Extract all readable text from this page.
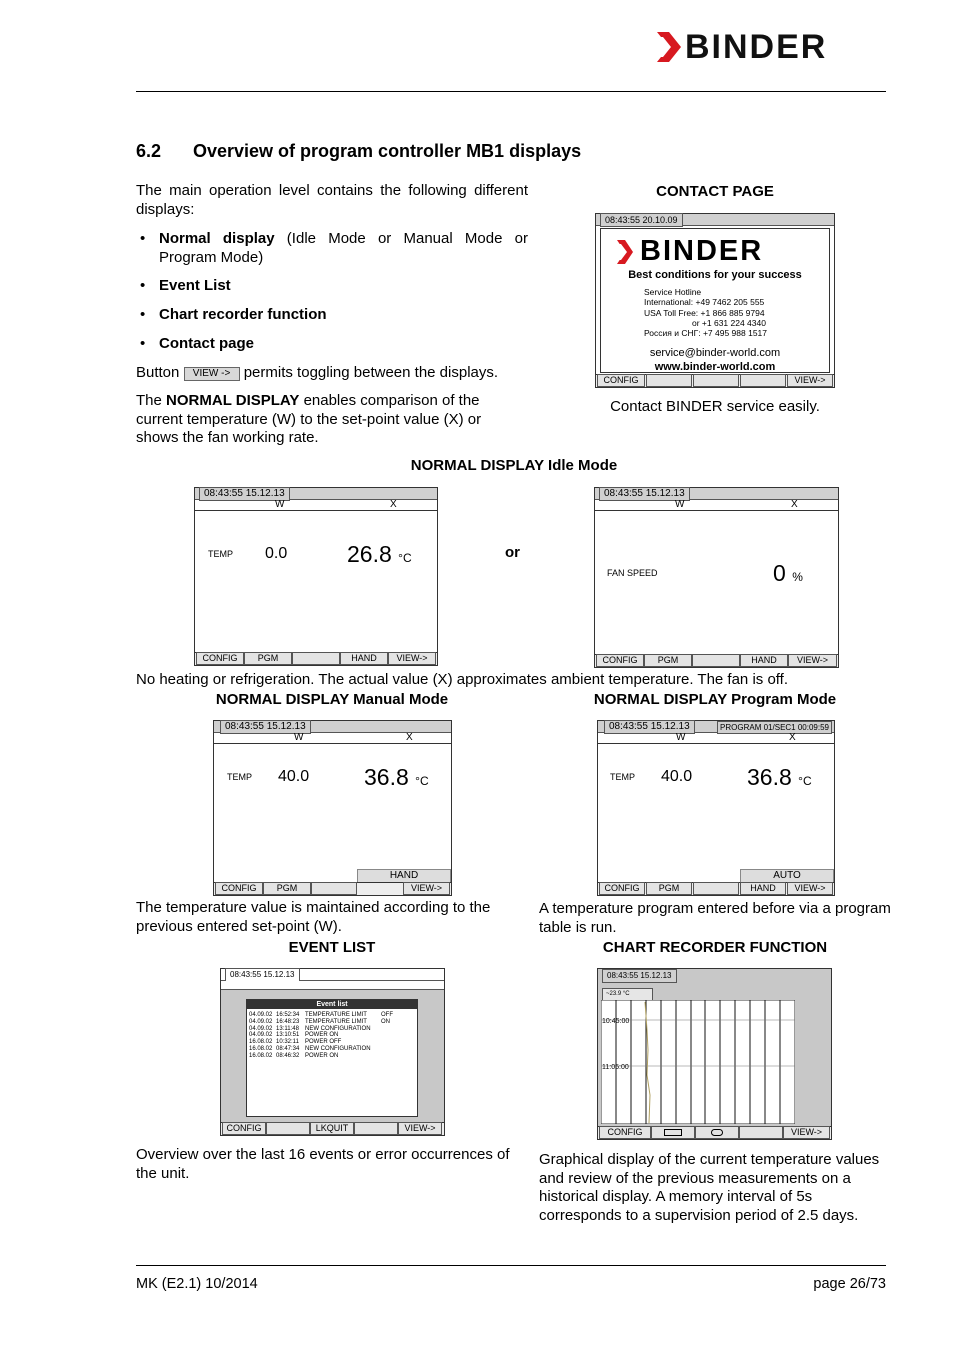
BINDER
6.2 Overview of program controller MB1 displays
The main operation level contains the following different displays:
• Normal display (Idle Mode or Manual Mode or Program Mode)
• Event List
• Chart recorder function
• Contact page
Button VIEW -> permits toggling between the displays.
The NORMAL DISPLAY enables comparison of the current temperature (W) to the set-point value (X) or shows the fan working rate.
CONTACT PAGE
08:43:55 20.10.09
BINDER
Best conditions for your success
Service Hotline
International: +49 7462 205 555
USA Toll Free: +1 866 885 9794
or +1 631 224 4340
Россия и СНГ: +7 495 988 1517
service@binder-world.com
www.binder-world.com
CONFIG	VIEW->
Contact BINDER service easily.
NORMAL DISPLAY Idle Mode
08:43:55 15.12.13
W	X
TEMP 0.0	26.8 °C
CONFIG	PGM	HAND	VIEW->
or
08:43:55 15.12.13
W	X
FAN SPEED	0 %
CONFIG	PGM	HAND	VIEW->
No heating or refrigeration. The actual value (X) approximates ambient temperature. The fan is off.
NORMAL DISPLAY Manual Mode	NORMAL DISPLAY Program Mode
08:43:55 15.12.13
W	X
TEMP 40.0 36.8 °C
HAND
CONFIG	PGM	VIEW->
The temperature value is maintained according to the previous entered set-point (W).
08:43:55 15.12.13	PROGRAM 01/SEC1 00:09:59
W	X
TEMP 40.0 36.8 °C
AUTO
CONFIG	PGM	HAND	VIEW->
A temperature program entered before via a program table is run.
EVENT LIST
08:43:55 15.12.13
Event list
04.09.02 16:52:34 TEMPERATURE LIMIT OFF
04.09.02 16:48:23 TEMPERATURE LIMIT ON
04.09.02 13:11:48 NEW CONFIGURATION
04.09.02 13:10:51 POWER ON
16.08.02 10:32:11 POWER OFF
16.08.02 08:47:34 NEW CONFIGURATION
16.08.02 08:46:32 POWER ON
CONFIG	LKQUIT	VIEW->
Overview over the last 16 events or error occurrences of the unit.
CHART RECORDER FUNCTION
08:43:55 15.12.13
~23.9 °C
10:45:00
11:05:00
CONFIG	VIEW->
Graphical display of the current temperature values and review of the previous measurements on a historical display. A memory interval of 5s corresponds to a supervision period of 2.5 days.
MK (E2.1) 10/2014	page 26/73
